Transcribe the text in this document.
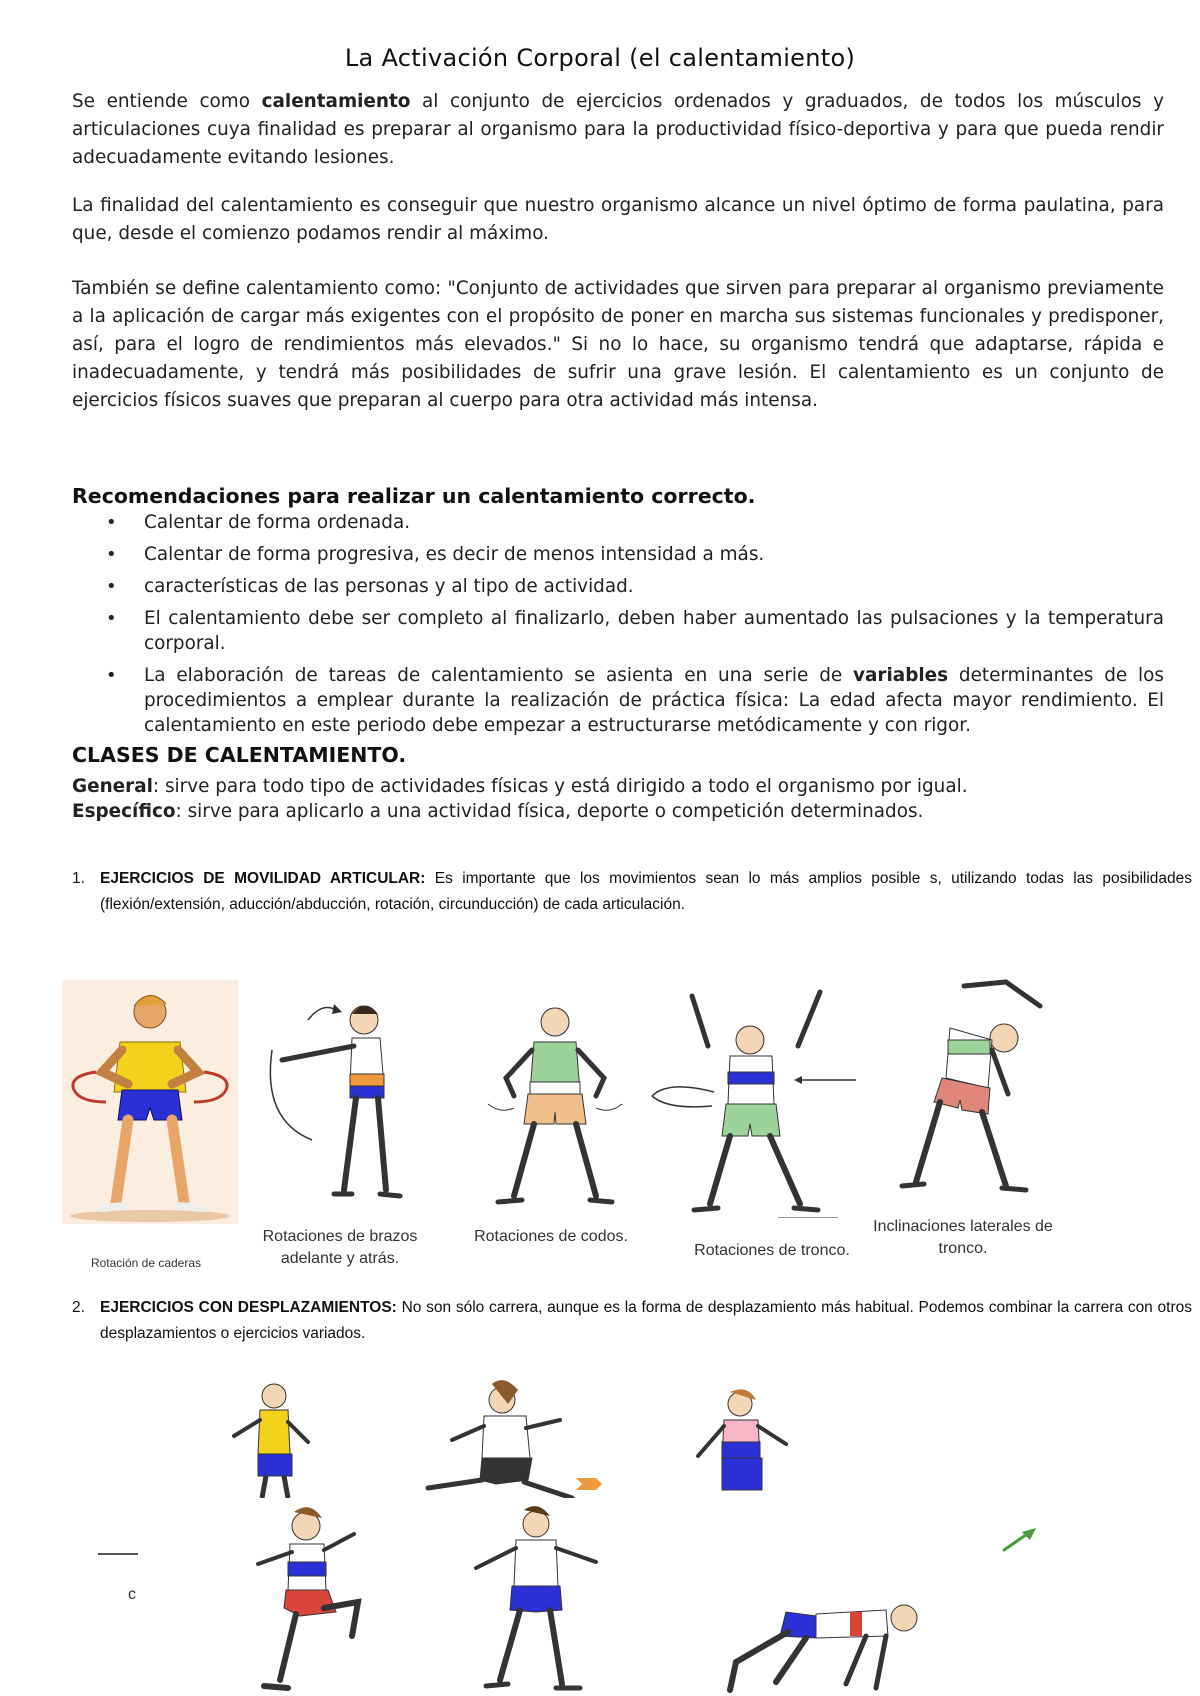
La Activación Corporal (el calentamiento)

Se entiende como calentamiento al conjunto de ejercicios ordenados y graduados, de todos los músculos y articulaciones cuya finalidad es preparar al organismo para la productividad físico-deportiva y para que pueda rendir adecuadamente evitando lesiones.

La finalidad del calentamiento es conseguir que nuestro organismo alcance un nivel óptimo de forma paulatina, para que, desde el comienzo podamos rendir al máximo.

También se define calentamiento como: "Conjunto de actividades que sirven para preparar al organismo previamente a la aplicación de cargar más exigentes con el propósito de poner en marcha sus sistemas funcionales y predisponer, así, para el logro de rendimientos más elevados." Si no lo hace, su organismo tendrá que adaptarse, rápida e inadecuadamente, y tendrá más posibilidades de sufrir una grave lesión. El calentamiento es un conjunto de ejercicios físicos suaves que preparan al cuerpo para otra actividad más intensa.

Recomendaciones para realizar un calentamiento correcto.

• Calentar de forma ordenada.
• Calentar de forma progresiva, es decir de menos intensidad a más.
• características de las personas y al tipo de actividad.
• El calentamiento debe ser completo al finalizarlo, deben haber aumentado las pulsaciones y la temperatura corporal.
• La elaboración de tareas de calentamiento se asienta en una serie de variables determinantes de los procedimientos a emplear durante la realización de práctica física: La edad afecta mayor rendimiento. El calentamiento en este periodo debe empezar a estructurarse metódicamente y con rigor.

CLASES DE CALENTAMIENTO.

General: sirve para todo tipo de actividades físicas y está dirigido a todo el organismo por igual.

Específico: sirve para aplicarlo a una actividad física, deporte o competición determinados.

1. EJERCICIOS DE MOVILIDAD ARTICULAR: Es importante que los movimientos sean lo más amplios posible s, utilizando todas las posibilidades (flexión/extensión, aducción/abducción, rotación, circunducción) de cada articulación.

Rotación de caderas
Rotaciones de brazos adelante y atrás.
Rotaciones de codos.
Rotaciones de tronco.
Inclinaciones laterales de tronco.

2. EJERCICIOS CON DESPLAZAMIENTOS: No son sólo carrera, aunque es la forma de desplazamiento más habitual. Podemos combinar la carrera con otros desplazamientos o ejercicios variados.

c
